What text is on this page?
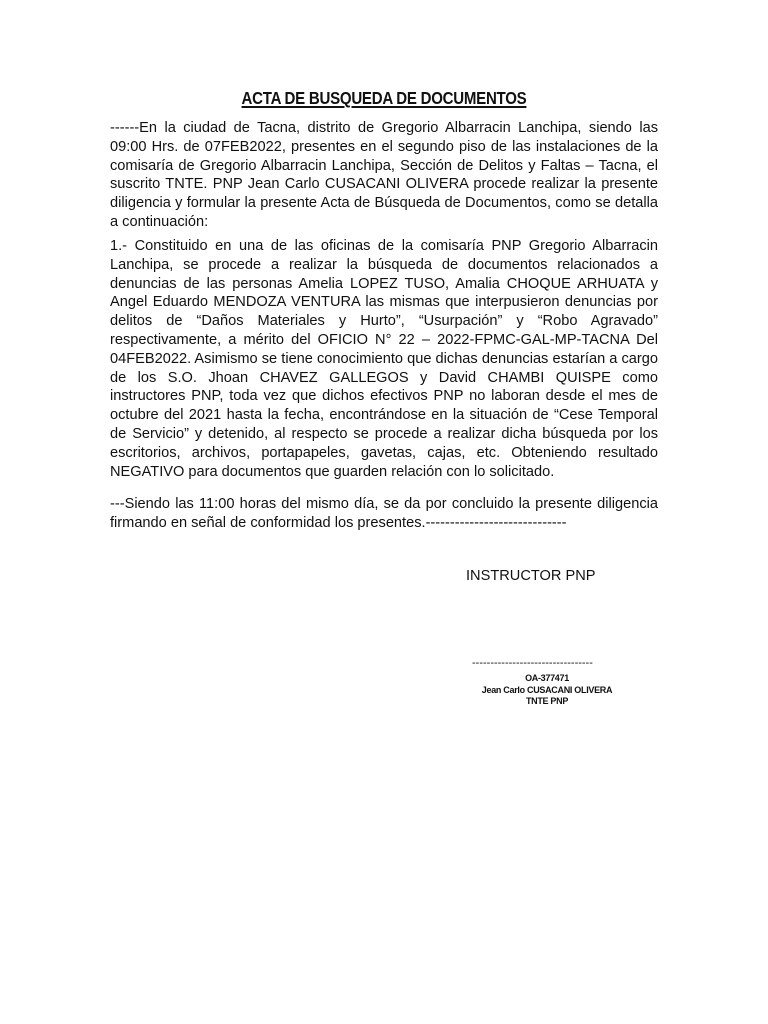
ACTA DE BUSQUEDA DE DOCUMENTOS
------En la ciudad de Tacna, distrito de Gregorio Albarracin Lanchipa, siendo las 09:00 Hrs. de 07FEB2022, presentes en el segundo piso de las instalaciones de la comisaría de Gregorio Albarracin Lanchipa, Sección de Delitos y Faltas – Tacna, el suscrito TNTE. PNP Jean Carlo CUSACANI OLIVERA procede realizar la presente diligencia y formular la presente Acta de Búsqueda de Documentos, como se detalla a continuación:
1.- Constituido en una de las oficinas de la comisaría PNP Gregorio Albarracin Lanchipa, se procede a realizar la búsqueda de documentos relacionados a denuncias de las personas Amelia LOPEZ TUSO, Amalia CHOQUE ARHUATA y Angel Eduardo MENDOZA VENTURA las mismas que interpusieron denuncias por delitos de “Daños Materiales y Hurto”, “Usurpación” y “Robo Agravado” respectivamente, a mérito del OFICIO N° 22 – 2022-FPMC-GAL-MP-TACNA Del 04FEB2022. Asimismo se tiene conocimiento que dichas denuncias estarían a cargo de los S.O. Jhoan CHAVEZ GALLEGOS y David CHAMBI QUISPE como instructores PNP, toda vez que dichos efectivos PNP no laboran desde el mes de octubre del 2021 hasta la fecha, encontrándose en la situación de “Cese Temporal de Servicio” y detenido, al respecto se procede a realizar dicha búsqueda por los escritorios, archivos, portapapeles, gavetas, cajas, etc. Obteniendo resultado NEGATIVO para documentos que guarden relación con lo solicitado.
---Siendo las 11:00 horas del mismo día, se da por concluido la presente diligencia firmando en señal de conformidad los presentes.-----------------------------
INSTRUCTOR PNP
---------------------------------
OA-377471
Jean Carlo CUSACANI OLIVERA
TNTE PNP
